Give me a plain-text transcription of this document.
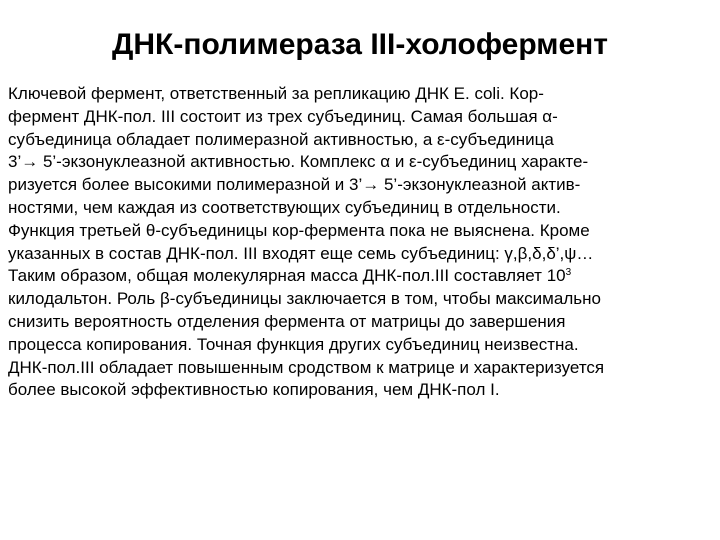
ДНК-полимераза III-холофермент
Ключевой фермент, ответственный за репликацию ДНК E. coli. Кор-
фермент ДНК-пол. III состоит из трех субъединиц. Самая большая α-
субъединица обладает полимеразной активностью, а ε-субъединица
3’→ 5’-экзонуклеазной активностью. Комплекс α и ε-субъединиц характе-
ризуется более высокими полимеразной и 3’→ 5’-экзонуклеазной актив-
ностями, чем каждая из соответствующих субъединиц в отдельности.
Функция третьей θ-субъединицы кор-фермента пока не выяснена. Кроме
указанных в состав ДНК-пол. III входят еще семь субъединиц: γ,β,δ,δ’,ψ…
Таким образом, общая молекулярная масса ДНК-пол.III составляет $10^3$
килодальтон. Роль β-субъединицы заключается в том, чтобы максимально
снизить вероятность отделения фермента от матрицы до завершения
процесса копирования. Точная функция других субъединиц неизвестна.
ДНК-пол.III обладает повышенным сродством к матрице и характеризуется
более высокой эффективностью копирования, чем ДНК-пол I.
